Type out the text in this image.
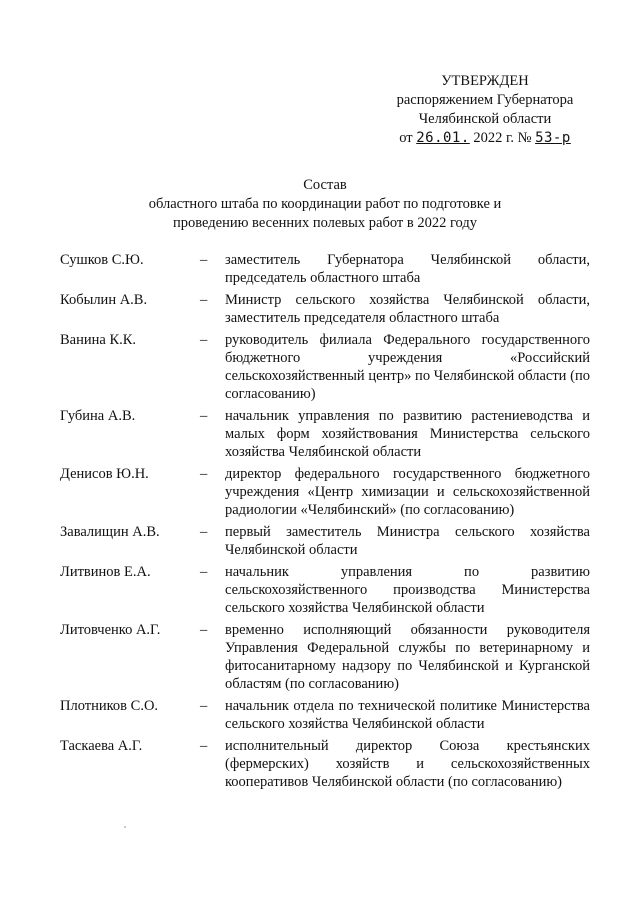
УТВЕРЖДЕН
распоряжением Губернатора
Челябинской области
от 26.01. 2022 г. № 53-р
Состав
областного штаба по координации работ по подготовке и
проведению весенних полевых работ в 2022 году
Сушков С.Ю.	–	заместитель Губернатора Челябинской области, председатель областного штаба
Кобылин А.В.	–	Министр сельского хозяйства Челябинской области, заместитель председателя областного штаба
Ванина К.К.	–	руководитель филиала Федерального государственного бюджетного учреждения «Российский сельскохозяйственный центр» по Челябинской области (по согласованию)
Губина А.В.	–	начальник управления по развитию растениеводства и малых форм хозяйствования Министерства сельского хозяйства Челябинской области
Денисов Ю.Н.	–	директор федерального государственного бюджетного учреждения «Центр химизации и сельскохозяйственной радиологии «Челябинский» (по согласованию)
Завалищин А.В.	–	первый заместитель Министра сельского хозяйства Челябинской области
Литвинов Е.А.	–	начальник управления по развитию сельскохозяйственного производства Министерства сельского хозяйства Челябинской области
Литовченко А.Г.	–	временно исполняющий обязанности руководителя Управления Федеральной службы по ветеринарному и фитосанитарному надзору по Челябинской и Курганской областям (по согласованию)
Плотников С.О.	–	начальник отдела по технической политике Министерства сельского хозяйства Челябинской области
Таскаева А.Г.	–	исполнительный директор Союза крестьянских (фермерских) хозяйств и сельскохозяйственных кооперативов Челябинской области (по согласованию)
